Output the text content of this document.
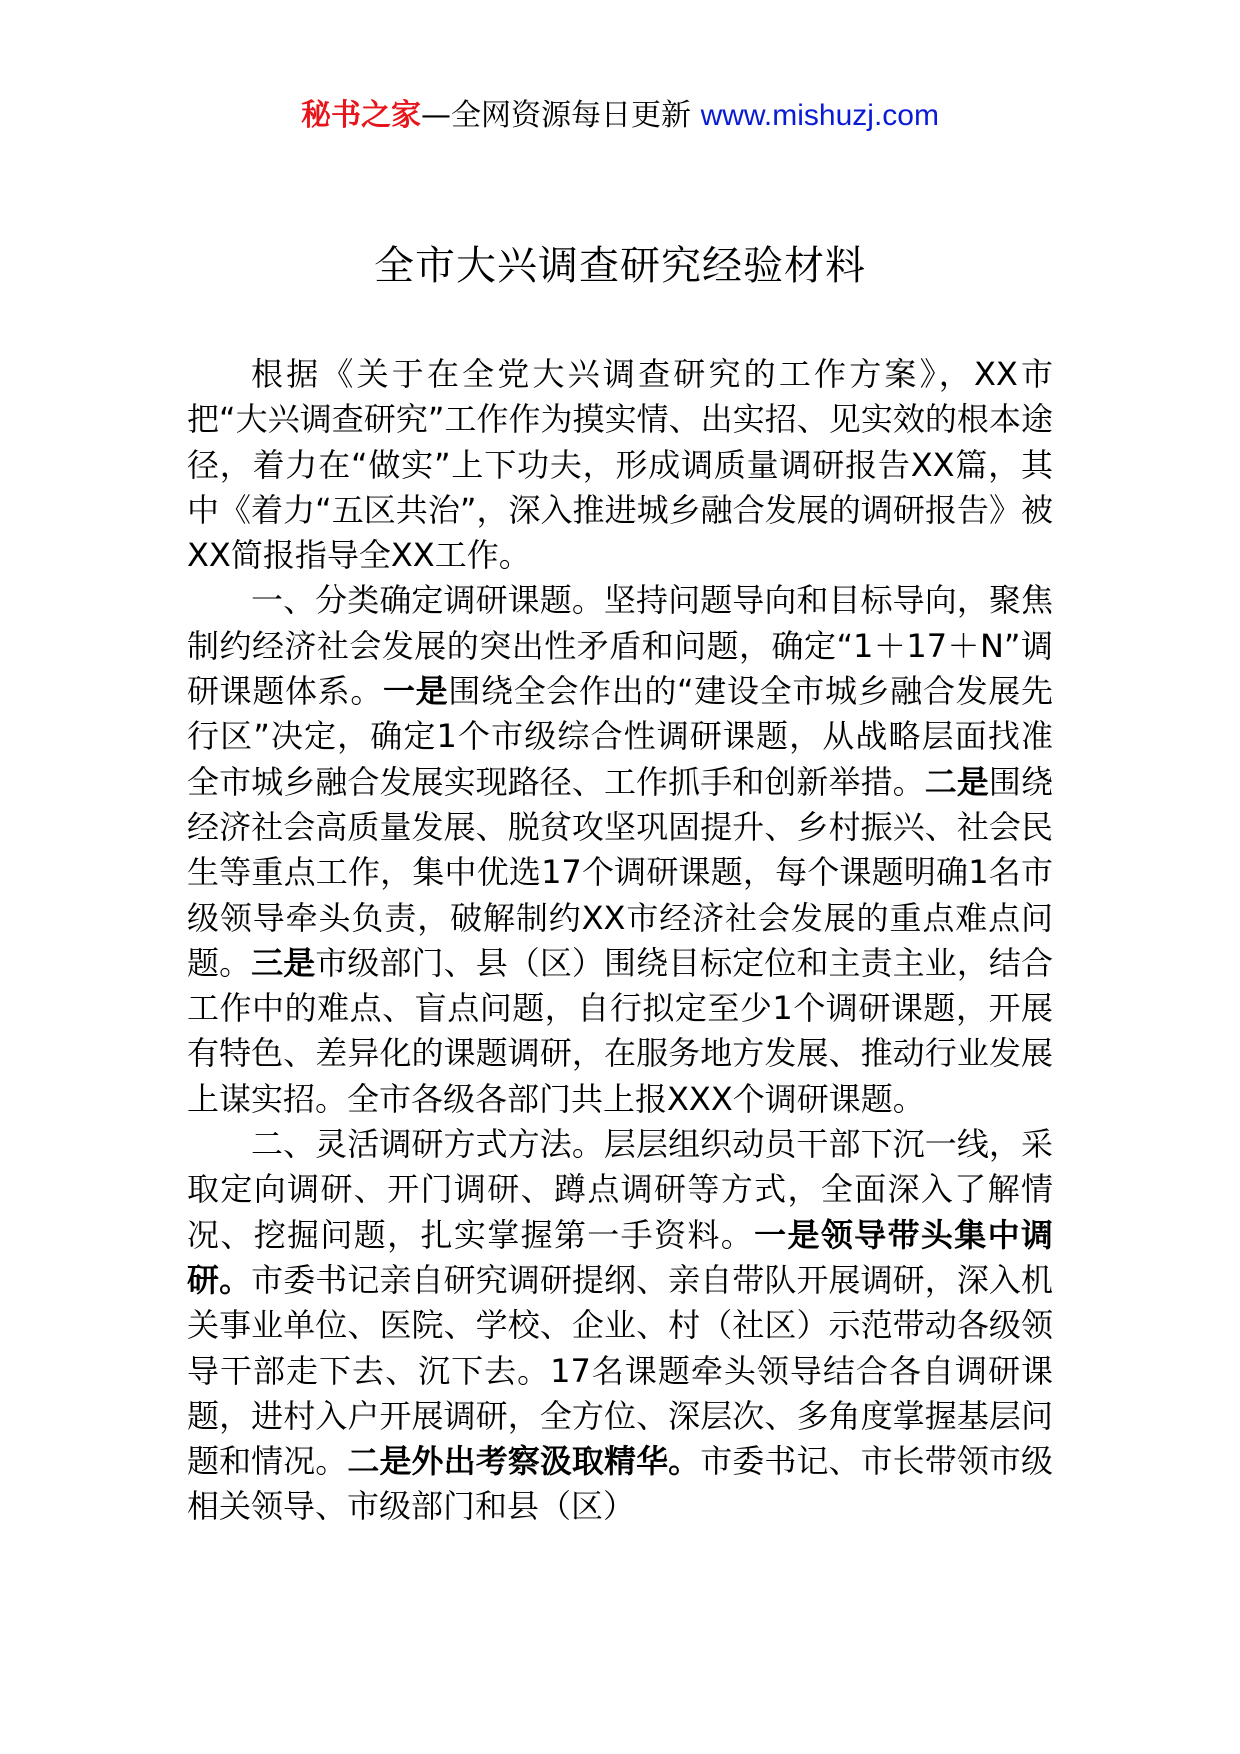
秘书之家—全网资源每日更新 www.mishuzj.com
全市大兴调查研究经验材料

根据《关于在全党大兴调查研究的工作方案》，XX市把“大兴调查研究”工作作为摸实情、出实招、见实效的根本途径，着力在“做实”上下功夫，形成调质量调研报告XX篇，其中《着力“五区共治”，深入推进城乡融合发展的调研报告》被XX简报指导全XX工作。

一、分类确定调研课题。坚持问题导向和目标导向，聚焦制约经济社会发展的突出性矛盾和问题，确定“1＋17＋N”调研课题体系。一是围绕全会作出的“建设全市城乡融合发展先行区”决定，确定1个市级综合性调研课题，从战略层面找准全市城乡融合发展实现路径、工作抓手和创新举措。二是围绕经济社会高质量发展、脱贫攻坚巩固提升、乡村振兴、社会民生等重点工作，集中优选17个调研课题，每个课题明确1名市级领导牵头负责，破解制约XX市经济社会发展的重点难点问题。三是市级部门、县（区）围绕目标定位和主责主业，结合工作中的难点、盲点问题，自行拟定至少1个调研课题，开展有特色、差异化的课题调研，在服务地方发展、推动行业发展上谋实招。全市各级各部门共上报XXX个调研课题。

二、灵活调研方式方法。层层组织动员干部下沉一线，采取定向调研、开门调研、蹲点调研等方式，全面深入了解情况、挖掘问题，扎实掌握第一手资料。一是领导带头集中调研。市委书记亲自研究调研提纲、亲自带队开展调研，深入机关事业单位、医院、学校、企业、村（社区）示范带动各级领导干部走下去、沉下去。17名课题牵头领导结合各自调研课题，进村入户开展调研，全方位、深层次、多角度掌握基层问题和情况。二是外出考察汲取精华。市委书记、市长带领市级相关领导、市级部门和县（区）
